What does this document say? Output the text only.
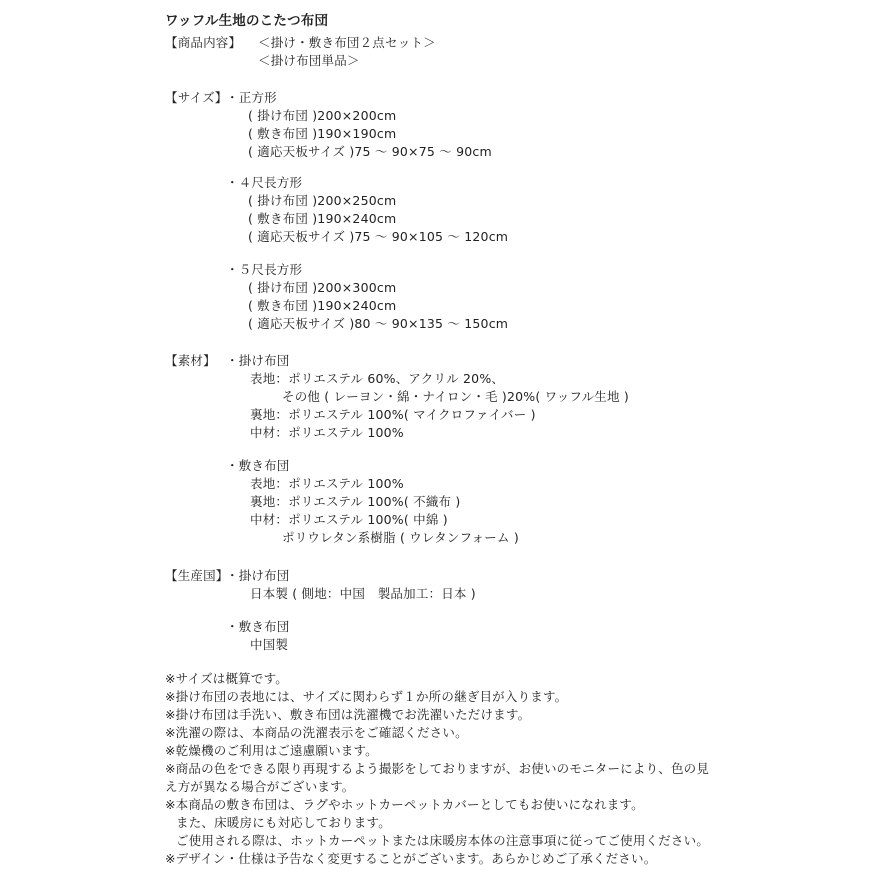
ワッフル生地のこたつ布団
【商品内容】 ＜掛け・敷き布団２点セット＞
＜掛け布団単品＞
【サイズ】
・正方形
( 掛け布団 )200×200cm
( 敷き布団 )190×190cm
( 適応天板サイズ )75 ～ 90×75 ～ 90cm
・４尺長方形
( 掛け布団 )200×250cm
( 敷き布団 )190×240cm
( 適応天板サイズ )75 ～ 90×105 ～ 120cm
・５尺長方形
( 掛け布団 )200×300cm
( 敷き布団 )190×240cm
( 適応天板サイズ )80 ～ 90×135 ～ 150cm
【素材】 ・掛け布団
表地：ポリエステル 60%、アクリル 20%、
その他 ( レーヨン・綿・ナイロン・毛 )20%( ワッフル生地 )
裏地：ポリエステル 100%( マイクロファイバー )
中材：ポリエステル 100%
・敷き布団
表地：ポリエステル 100%
裏地：ポリエステル 100%( 不織布 )
中材：ポリエステル 100%( 中綿 )
ポリウレタン系樹脂 ( ウレタンフォーム )
【生産国】
・掛け布団
日本製 ( 側地：中国　製品加工：日本 )
・敷き布団
中国製
※サイズは概算です。
※掛け布団の表地には、サイズに関わらず１か所の継ぎ目が入ります。
※掛け布団は手洗い、敷き布団は洗濯機でお洗濯いただけます。
※洗濯の際は、本商品の洗濯表示をご確認ください。
※乾燥機のご利用はご遠慮願います。
※商品の色をできる限り再現するよう撮影をしておりますが、お使いのモニターにより、色の見
え方が異なる場合がございます。
※本商品の敷き布団は、ラグやホットカーペットカバーとしてもお使いになれます。
また、床暖房にも対応しております。
ご使用される際は、ホットカーペットまたは床暖房本体の注意事項に従ってご使用ください。
※デザイン・仕様は予告なく変更することがございます。あらかじめご了承ください。
